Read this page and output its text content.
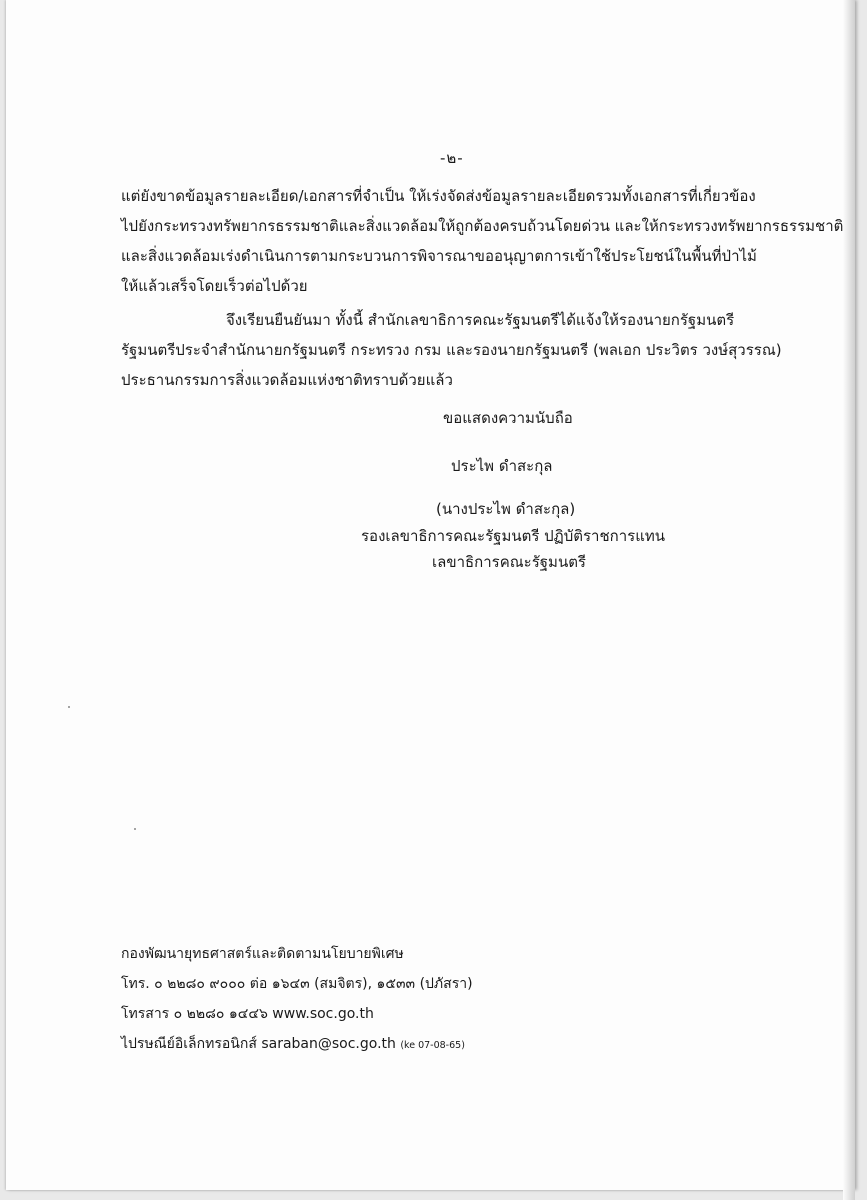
-๒-
แต่ยังขาดข้อมูลรายละเอียด/เอกสารที่จำเป็น ให้เร่งจัดส่งข้อมูลรายละเอียดรวมทั้งเอกสารที่เกี่ยวข้อง
ไปยังกระทรวงทรัพยากรธรรมชาติและสิ่งแวดล้อมให้ถูกต้องครบถ้วนโดยด่วน และให้กระทรวงทรัพยากรธรรมชาติ
และสิ่งแวดล้อมเร่งดำเนินการตามกระบวนการพิจารณาขออนุญาตการเข้าใช้ประโยชน์ในพื้นที่ป่าไม้
ให้แล้วเสร็จโดยเร็วต่อไปด้วย
จึงเรียนยืนยันมา ทั้งนี้ สำนักเลขาธิการคณะรัฐมนตรีได้แจ้งให้รองนายกรัฐมนตรี
รัฐมนตรีประจำสำนักนายกรัฐมนตรี กระทรวง กรม และรองนายกรัฐมนตรี (พลเอก ประวิตร วงษ์สุวรรณ)
ประธานกรรมการสิ่งแวดล้อมแห่งชาติทราบด้วยแล้ว
ขอแสดงความนับถือ
ประไพ ดำสะกุล
(นางประไพ ดำสะกุล)
รองเลขาธิการคณะรัฐมนตรี ปฏิบัติราชการแทน
เลขาธิการคณะรัฐมนตรี
กองพัฒนายุทธศาสตร์และติดตามนโยบายพิเศษ
โทร. ๐ ๒๒๘๐ ๙๐๐๐ ต่อ ๑๖๔๓ (สมจิตร), ๑๕๓๓ (ปภัสรา)
โทรสาร ๐ ๒๒๘๐ ๑๔๔๖ www.soc.go.th
ไปรษณีย์อิเล็กทรอนิกส์ saraban@soc.go.th (ke 07-08-65)
